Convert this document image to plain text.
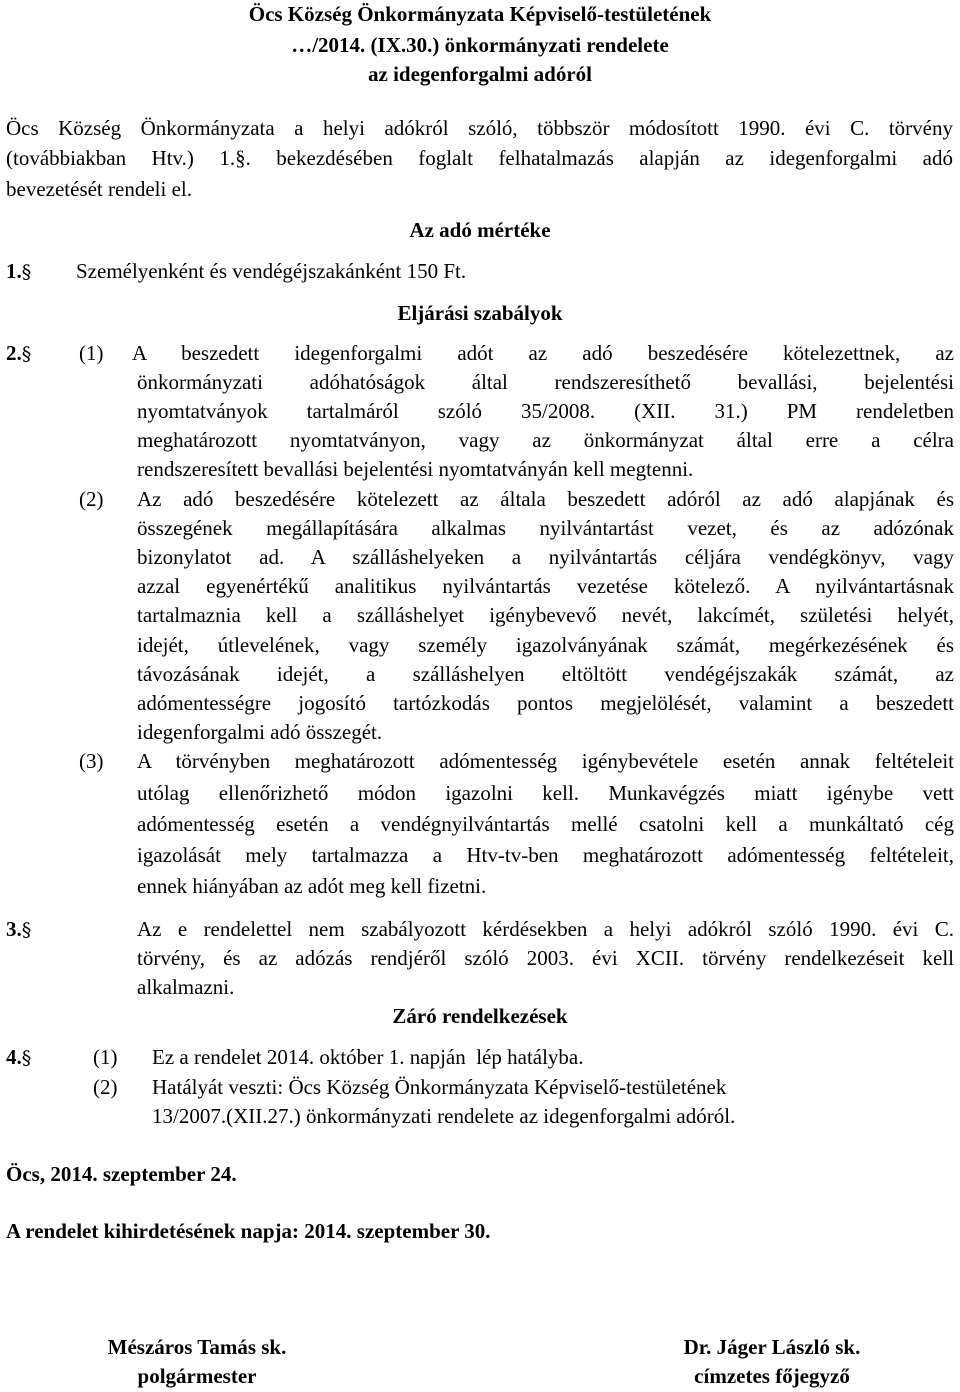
Öcs Község Önkormányzata Képviselő-testületének
…/2014. (IX.30.) önkormányzati rendelete
az idegenforgalmi adóról
Öcs Község Önkormányzata a helyi adókról szóló, többször módosított 1990. évi C. törvény
(továbbiakban Htv.) 1.§. bekezdésében foglalt felhatalmazás alapján az idegenforgalmi adó
bevezetését rendeli el.
Az adó mértéke
1.§ Személyenként és vendégéjszakánként 150 Ft.
Eljárási szabályok
2.§ (1) A beszedett idegenforgalmi adót az adó beszedésére kötelezettnek, az
önkormányzati adóhatóságok által rendszeresíthető bevallási, bejelentési
nyomtatványok tartalmáról szóló 35/2008. (XII. 31.) PM rendeletben
meghatározott nyomtatványon, vagy az önkormányzat által erre a célra
rendszeresített bevallási bejelentési nyomtatványán kell megtenni.
(2) Az adó beszedésére kötelezett az általa beszedett adóról az adó alapjának és
összegének megállapítására alkalmas nyilvántartást vezet, és az adózónak
bizonylatot ad. A szálláshelyeken a nyilvántartás céljára vendégkönyv, vagy
azzal egyenértékű analitikus nyilvántartás vezetése kötelező. A nyilvántartásnak
tartalmaznia kell a szálláshelyet igénybevevő nevét, lakcímét, születési helyét,
idejét, útlevelének, vagy személy igazolványának számát, megérkezésének és
távozásának idejét, a szálláshelyen eltöltött vendégéjszakák számát, az
adómentességre jogosító tartózkodás pontos megjelölését, valamint a beszedett
idegenforgalmi adó összegét.
(3) A törvényben meghatározott adómentesség igénybevétele esetén annak feltételeit
utólag ellenőrizhető módon igazolni kell. Munkavégzés miatt igénybe vett
adómentesség esetén a vendégnyilvántartás mellé csatolni kell a munkáltató cég
igazolását mely tartalmazza a Htv-tv-ben meghatározott adómentesség feltételeit,
ennek hiányában az adót meg kell fizetni.
3.§	Az e rendelettel nem szabályozott kérdésekben a helyi adókról szóló 1990. évi C.
törvény, és az adózás rendjéről szóló 2003. évi XCII. törvény rendelkezéseit kell
alkalmazni.
Záró rendelkezések
4.§	(1) Ez a rendelet 2014. október 1. napján  lép hatályba.
(2) Hatályát veszti: Öcs Község Önkormányzata Képviselő-testületének
13/2007.(XII.27.) önkormányzati rendelete az idegenforgalmi adóról.
Öcs, 2014. szeptember 24.
A rendelet kihirdetésének napja: 2014. szeptember 30.
Mészáros Tamás sk.
polgármester
Dr. Jáger László sk.
címzetes főjegyző
